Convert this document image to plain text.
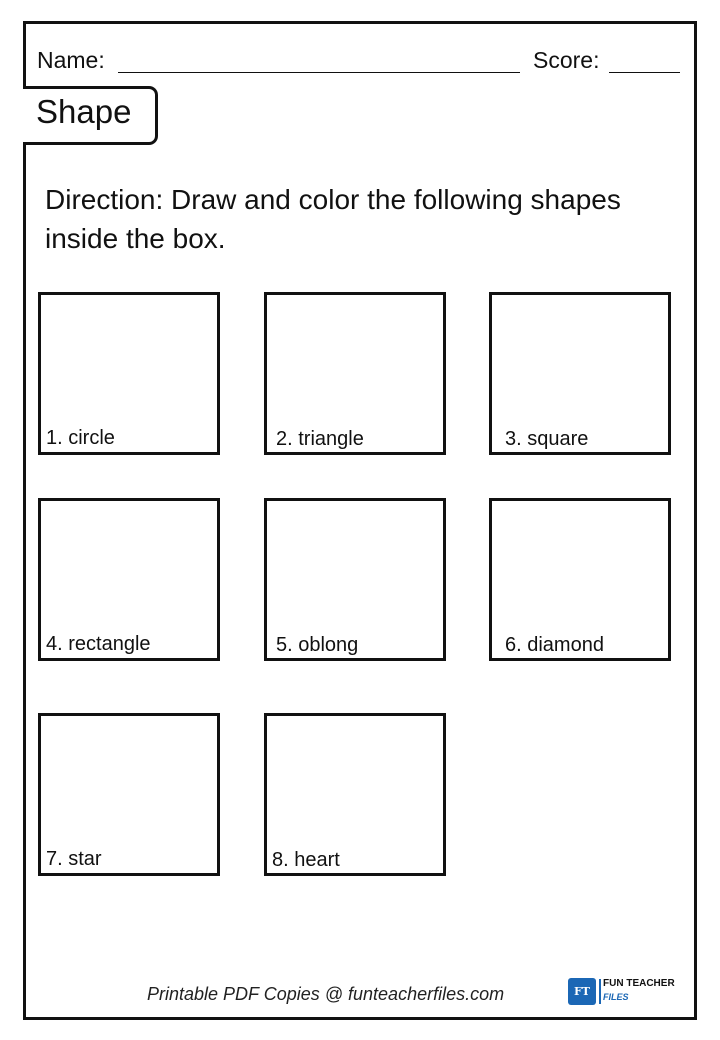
Name:	Score:
Shape
Direction: Draw and color the following shapes inside the box.
1. circle	2. triangle	3. square
4. rectangle	5. oblong	6. diamond
7. star	8. heart
Printable PDF Copies @ funteacherfiles.com	FT
FUN TEACHER
FILES
